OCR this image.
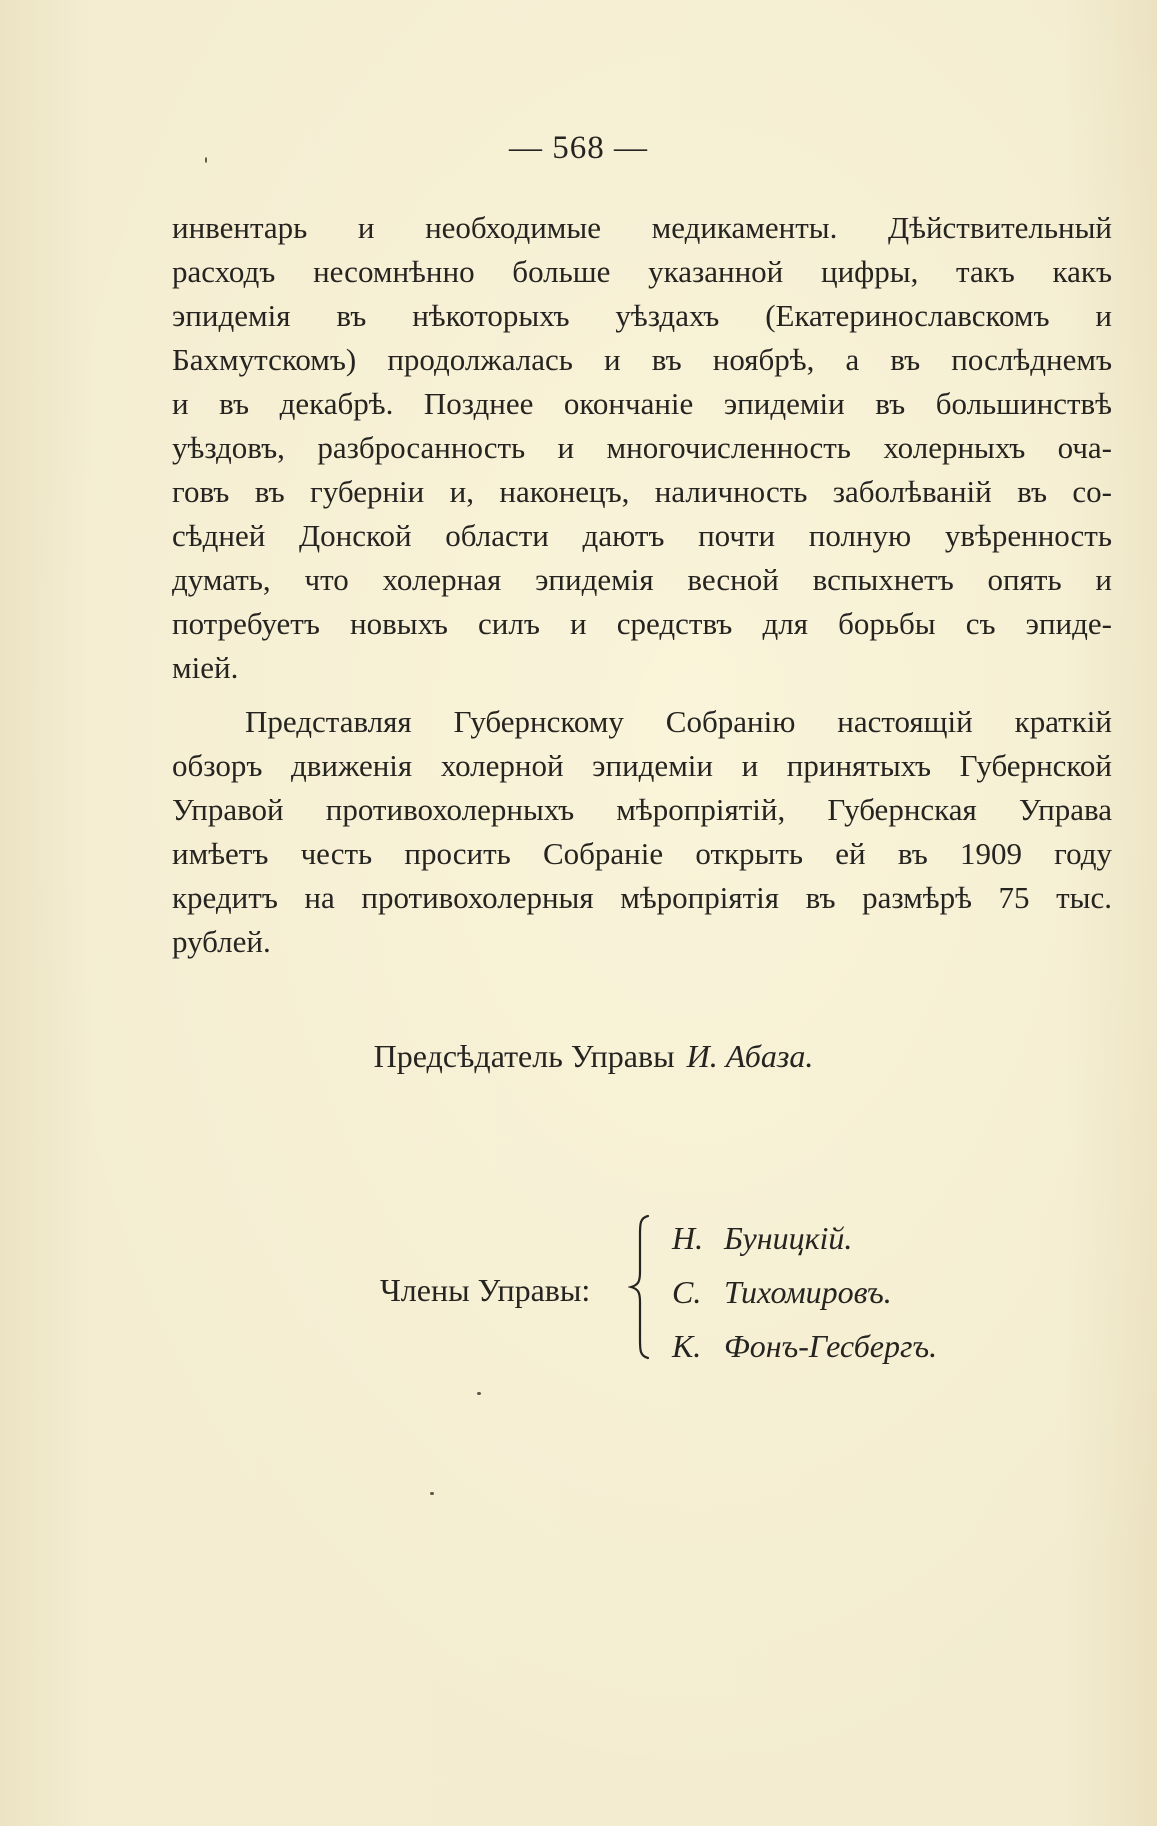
— 568 —
инвентарь и необходимые медикаменты. Дѣйствительный
расходъ несомнѣнно больше указанной цифры, такъ какъ
эпидемія въ нѣкоторыхъ уѣздахъ (Екатеринославскомъ и
Бахмутскомъ) продолжалась и въ ноябрѣ, а въ послѣднемъ
и въ декабрѣ. Позднее окончаніе эпидеміи въ большинствѣ
уѣздовъ, разбросанность и многочисленность холерныхъ оча-
говъ въ губерніи и, наконецъ, наличность заболѣваній въ со-
сѣдней Донской области даютъ почти полную увѣренность
думать, что холерная эпидемія весной вспыхнетъ опять и
потребуетъ новыхъ силъ и средствъ для борьбы съ эпиде-
міей.
Представляя Губернскому Собранію настоящій краткій
обзоръ движенія холерной эпидеміи и принятыхъ Губернской
Управой противохолерныхъ мѣропріятій, Губернская Управа
имѣетъ честь просить Собраніе открыть ей въ 1909 году
кредитъ на противохолерныя мѣропріятія въ размѣрѣ 75 тыс.
рублей.
Предсѣдатель Управы И. Абаза.
Члены Управы:
Н. Буницкій.
С. Тихомировъ.
К. Фонъ-Гесбергъ.
